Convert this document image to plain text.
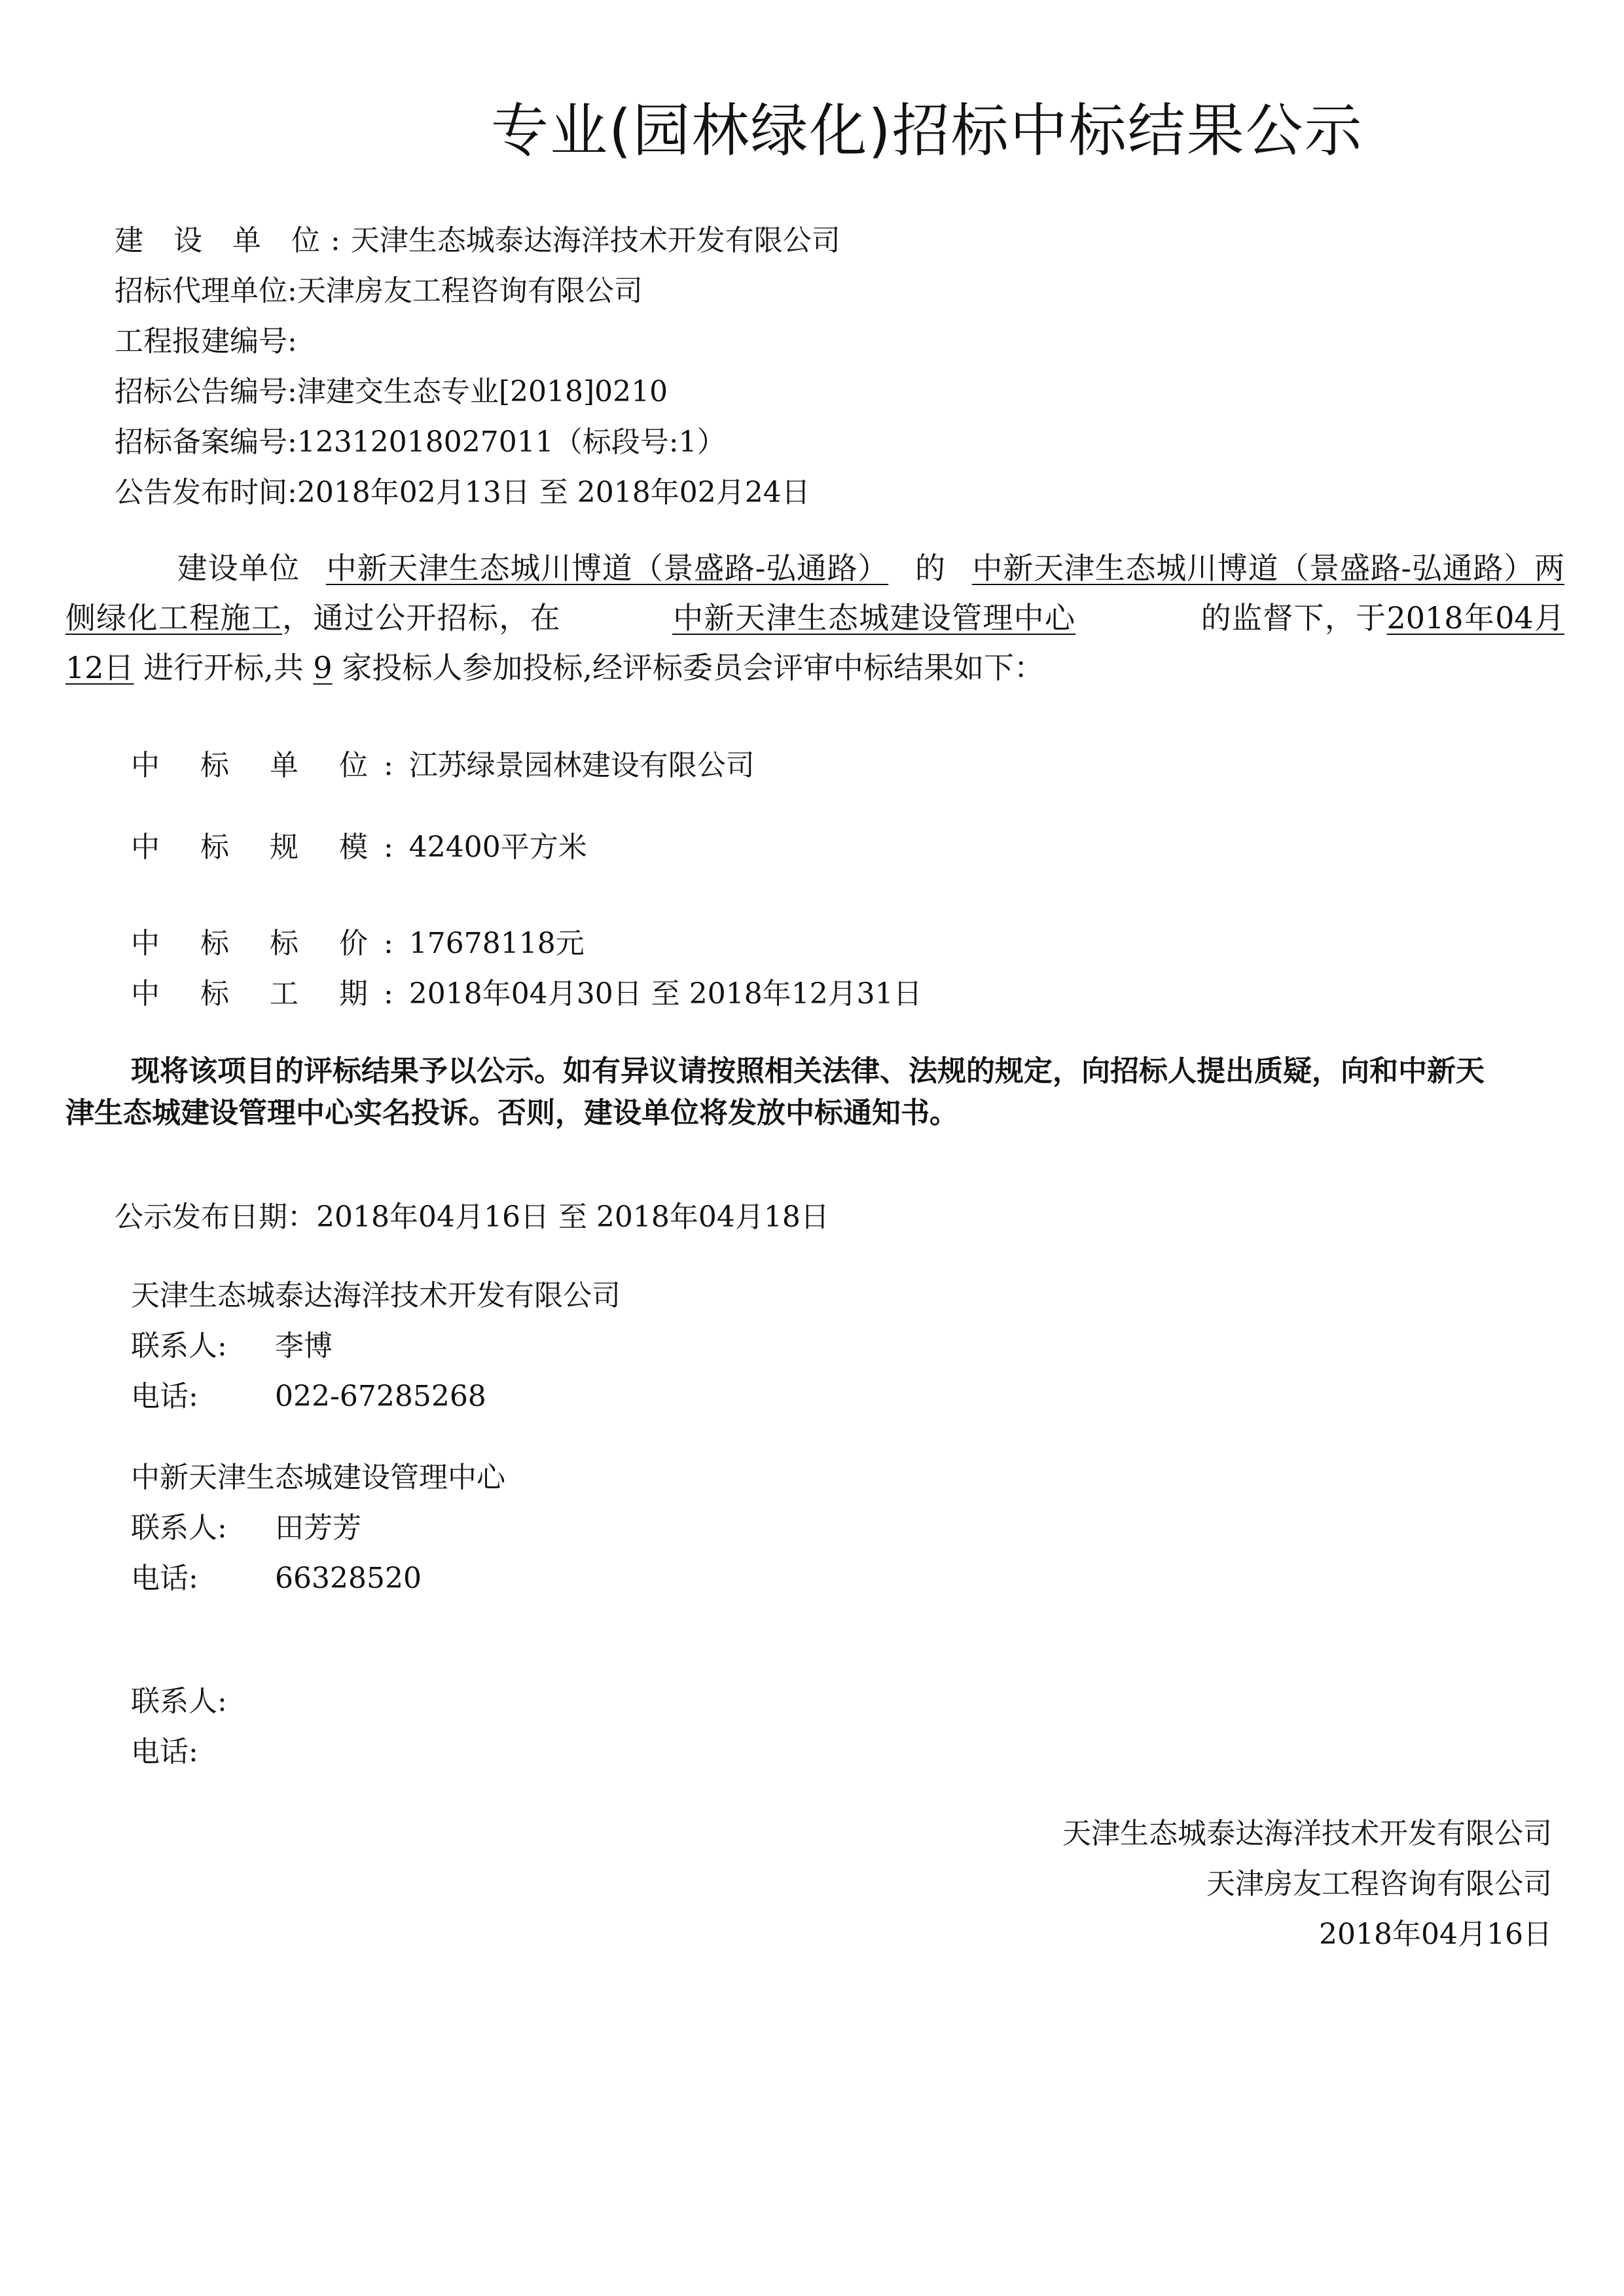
专业(园林绿化)招标中标结果公示
建 设 单 位:天津生态城泰达海洋技术开发有限公司
招标代理单位:天津房友工程咨询有限公司
工程报建编号:
招标公告编号:津建交生态专业[2018]0210
招标备案编号:12312018027011（标段号:1）
公告发布时间:2018年02月13日 至 2018年02月24日
建设单位 中新天津生态城川博道（景盛路-弘通路） 的 中新天津生态城川博道（景盛路-弘通路）两侧绿化工程施工，通过公开招标，在	中新天津生态城建设管理中心	的监督下，于2018年04月12日 进行开标,共 9 家投标人参加投标,经评标委员会评审中标结果如下：
中 标 单 位:江苏绿景园林建设有限公司
中 标 规 模:42400平方米
中 标 标 价:17678118元
中 标 工 期:2018年04月30日 至 2018年12月31日
现将该项目的评标结果予以公示。如有异议请按照相关法律、法规的规定，向招标人提出质疑，向和中新天津生态城建设管理中心实名投诉。否则，建设单位将发放中标通知书。
公示发布日期：2018年04月16日 至 2018年04月18日
天津生态城泰达海洋技术开发有限公司
联系人: 李博
电话:	022-67285268
中新天津生态城建设管理中心
联系人: 田芳芳
电话:	66328520
联系人:
电话:
天津生态城泰达海洋技术开发有限公司
天津房友工程咨询有限公司
2018年04月16日
